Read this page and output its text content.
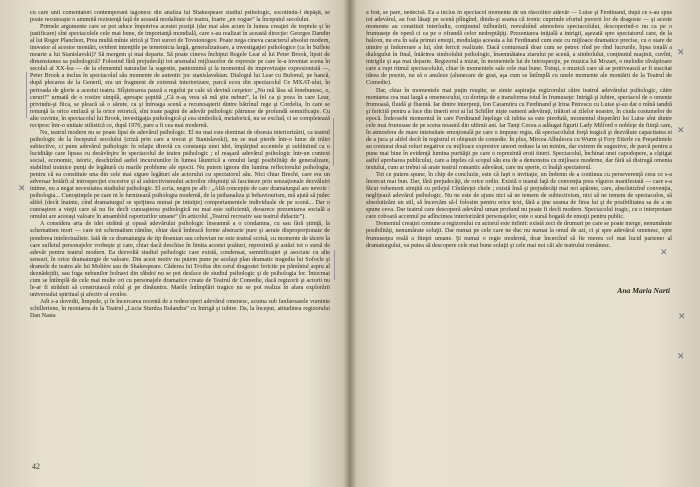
cu care unii comentatori contemporani iagonesc din analiza lui Shakespeare studiul psihologic, socotindu-l depăşit, se poate recunoaşte o anumită rezistenţă faţă de această modalitate de teatru, foarte „en vogue” la începutul secolului.

Primele argumente care se pot aduce împotriva acestei poziţii (dar mai ales acum în lumea creaţiei de treptele şi în justificare) sînt spectacolele cele mai bune, de importanţă mondială, care s-au realizat în această direcţie: Georges Dandin al lui Roger Planchon, Prea multă mînie strică şi Trei surori de Tovstonogov. Poate nega cineva caracterul absolut modern, inovator al acestor montări, evident intenţiile pe temeinicia largă, generalizatoare, a investigaţiei psihologice (ca în Suflete moarte a lui Stanislavski)? Să mergem şi mai departe. Să poate cineva închipui Regele Lear al lui Peter Brook, lipsit de dimensiunea sa psihologică? Folosind fără prejudecăţi tot arsenalul mijloacelor de expresie pe care le-a inventat scena în secolul al XX-lea — de la elementul naturalist la sugestie, pantomimă şi la momentul de improvizaţie expresionistă —, Peter Brook a inclus în spectacolul său momente de autentic joc stanislavskian. Dialogul lui Lear cu Bufonul, pe bancă, după plecarea de la Generil, era un fragment de extremă interiorizare, parcă ecou din spectacolul Ce MXAT-ului, în perioada de glorie a acestui teatru. Sfîşietoarea pauză a regelui pe cale să devină cerşetor: „Nu mă lăsa să înnebunesc, o, ceruri!” urmată de o rostire simplă, aproape şoptită „Că n-aş vrea să mă ştiu nebun”, la fel ca şi poza în care Lear, privindu-şi fiica, se pleacă să o sărute, ca şi întreaga scenă a recunoaşterii dintre bătrînul rege şi Cordelia, în care se renunţă la orice emfază şi la orice retorică, sînt toate pagini de adevăr psihologic pătrunse de profundă semnificaţie. Cu alte cuvinte, în spectacolul lui Brook, investigaţia psihologică şi cea simbolică, metaforică, nu se exclud, ci se completează reciproc într-o unitate stilistică ce, după 1970, pare a fi cea mai modernă.

Nu, teatrul modern nu se poate lipsi de adevărul psihologic. El nu mai este dominat de obsesia interiorizării, ca teatrul psihologic de la începutul secolului (criză prin care a trecut şi Stanislavski), nu se mai pierde într-o lume de trăiri subiective, ci pune adevărul psihologic în relaţie directă cu constanţa unei idei, împărţind accentele şi subliniind ca o lucidităţe care lipsea cu desăvîrşire în spectacolul de teatru psihologic ; el reaşază adevărul psihologic într-un context social, economic, istoric, deschizînd astfel incursiunilor în lumea lăuntrică a omului largi posibilităţi de generalizare, stabilind trainice punţi de legătură cu marile probleme ale epocii. Nu putem ignora din lumina reflectorului psihologia, pentru că ea constituie una din cele mai sigure legături ale actorului cu spectatorul său. Nici chiar Brecht, care era un adversar hotărît al introspecţiei excesive şi al subiectivismului actorilor obişnuiţi să fascineze prin senzaţionale dezvăluiri intime, nu a negat necesitatea studiului psihologic. El scria, negru pe alb : „Altă concepţie de care dramaturgul are nevoie : psihologia... Cunoştinţele pe care ni le furnizează psihologia modernă, de la psihanaliza şi behaviourism, mă ajută să judec altfel (decît înainte, cînd dramaturgul se sprijinea numai pe intuiţie) comportamentele individuale de pe scenă... Dar o cunoaştere a vieţii care să nu fie decît cunoaşterea psihologică nu mai este suficientă, deoarece prezentarea socială a omului are aceeaşi valoare în ansamblul raporturilor umane” (în articolul „Teatrul recreativ sau teatrul didactic”).

A considera arta de idei străină şi opusă adevărului psihologic înseamnă a o condamna, cu sau fără ştiinţă, la schematism mort — care tot schematism rămîne, chiar dacă îmbracă forme abstracte pure şi aerate disproporţionate de ponderea intelectualiste. Iată de ce dramaturgia de tip ibsenian sau cehovian ne este teatral scrisă, cu momente de tăcere la care sufletul personajelor vorbeşte şi care, chiar dacă deschise în limita acestei ţesături, reprezintă şi astăzi tot o sursă de adevăr pentru teatrul modern. Ea dezvoltă studiul psihologic care există, condensat, semnificaţiei şi asociate cu alte sensuri, în orice dramaturgie de valoare. Din acest motiv nu putem pune pe acelaşi plan dramatic tragedia lui Sofocle şi dramele de teatru ale lui Molière sau de Shakespeare. Căderea lui Troilus din cerul dragostei fericite pe pămîntul aspru al deznădejdii, sau fuga nebunilor bolnavi din răbdoi nu se pot desface de studiul psihologic şi de psihologia lor. Întocmai cum se întîmplă de cele mai multe ori cu personajele dramatice create de Teatrul de Comedie, dacă regizorii şi actorii nu le-ar fi străduit să construiască rolul şi pe dinăuntru. Marile întîmplări tragice nu se pot realiza în afara explorării universului spiritual şi afectiv al eroilor.

Atît s-a dovedit, limpede, şi în încercarea recentă de a redescoperi adevărul omenesc, acuma sub fanfaroasele vuminte schilleriene, în montarea de la Teatrul „Lucia Sturdza Bulandra” cu Intrigă şi iubire. Da, la început, atitudinea regizorului Dan Nasta

42

a fost, se pare, nedecisă. Ea a inclus în spectacol momente de un răscolitor adevăr — Luise şi Ferdinand, după ce s-au spus tot adevărul, au fost lăsaţi pe scenă plîngînd, dindu-şi seama că ironic cuprinde efortul puverii lor de dragoste — şi aceste momente au constituit interludiu, conţinutul tulburării, reevaluînd atmosfera spectacolului, descoperind-o nu ca pe o frumuseţe de operă ci ca pe o ofrandă celor nedreptăţiţi. Prezentarea iniţială a intrigii, aşezată spre spectatorul care, de la balcon, nu era în sala primei emoţii, modulaţia aceasta a lui Ferdinand cum este cu mijloace dramatice precise, cu o stare de uimire şi îndurerare a lui, sînt fericit realizate. Dacă conturează doar cum se petrec rînd pe rînd lucrurile, lipsa totală a dialogului în final, întărirea simbolului psihologic, însemnătatea ziarului pe scenă, a simbolului, conţinutul maşinii, cuvînt, intrigile şi aşa mai departe. Regizorul a mizat, în momentele lui de introspecţie, pe muzica lui Mozart, o melodie răvăşitoare care a rupt ritmul spectacolului, chiar în momentele sale cele mai bune. Totuşi, o muzică care să se potrivească ar fi suscitat ideea de poezie, nu să o anuleze (alunecare de gust, aşa cum se întîmplă cu unele momente ale montării de la Teatrul de Comedie).

Dar, chiar în momentele mai puţin reuşite, se simte aspiraţia regizorului către teatrul adevărului psihologic, către montarea cea mai largă a omenescului, cu dorinţa de a transforma totul în frumuseţe: Intrigă şi iubire, spectacol de o omenie frumoasă, fluidă şi fluentă. Iar dintre interpreţi, Ion Caramitru cu Ferdinand şi Irina Petrescu cu Luise şi-au dat o mînă tandră şi fericită pentru a face din tinerii eroi ai lui Schiller nişte oameni adevăraţi, trăitori ai zilelor noastre, în ciuda costumelor de epocă. Îndeosebi momentul în care Ferdinand înţelege că iubita sa este pierdută, momentul disperării lui Luise sînt dintre cele mai frumoase de pe scena noastră din ultimii ani. Iar Tanţi Cocea a adăugat figurii Lady Milford o nobleţe de fiinţă care, în atmosfera de mare intensitate emoţională pe care o impune regia, dă spectacolului forţă tragică şi dezvăluie capacitatea ei de a juca şi altfel decît în registrul ei obişnuit de comedie. În plus, Mircea Albulescu cu Wurm şi Fory Etterle cu Preşedintele au conturat două roluri negative cu mijloace expresive uneori reduse la un minim, dar extrem de sugestive, de parcă pentru a pune mai bine în evidenţă lumina purităţii pe care o reprezintă eroii tineri. Spectacolul, închinat unei capodopere, a cîştigat astfel aprobarea publicului, care a înţeles că scopul său era de a demonstra cu mijloace moderne, dar fără să distrugă omenia textului, cum ar trebui să arate teatrul romantic adevărat, care nu sperie, ci înalţă spectatorul.

Tot ce putem spune, în chip de concluzie, este că fapt o invitaţie, un îndemn de a continua cu perseverenţă ceea ce s-a încercat mai bun. Dar, fără prejudecăţi, de orice ordin. Există o teamă faţă de convenţia prea vîguros manifestată — care s-a făcut vehement simţită cu prilejul Cîntăreţei chele ; există însă şi prejudecăţi mai noi apărute, care, absolutizînd convenţia, neglijează adevărul psihologic. Nu ne este de ajuns nici să ne temem de subiectivism, nici să ne temem de spectaculos, să absolutizăm un stil, să încercăm să-l folosim pentru orice text, fără a ţine seama de firea lui şi de posibilitatea sa de a ne spune ceva. Dar teatrul care descoperă adevărul uman profund nu poate fi decît modern. Spectacolul tragic, cu o interpretare care coboară accentul pe adîncimea interiorizării personajelor, este o sursă bogată de emoţii pentru public.

Domeniul creaţiei comune a regizorului cu actorul este infinit: există zeci de drumuri pe care se poate merge, nenumărate posibilităţi, nenumărate soluţii. Dar numai pe cele care ne duc nu numai la omul de azi, ci şi spre adevărul omenesc, spre frumuseţea reală a fiinţei umane. Şi numai o regie modernă, doar încercînd să fie mereu cel mai lucid partener al dramaturgului, va putea să descopere cele mai bune soluţii şi cele mai noi căi ale teatrului românesc.

Ana Maria Narti
✕
✕
✕
✕
✕
✕
